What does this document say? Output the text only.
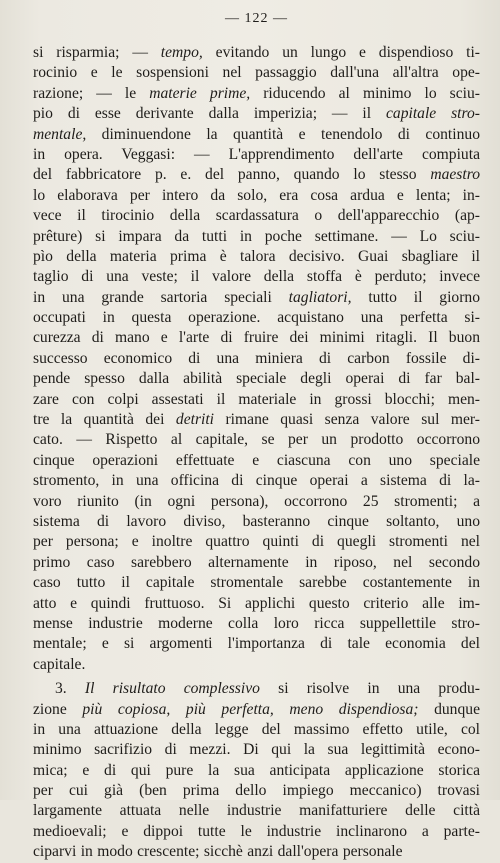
— 122 —
si risparmia; — tempo, evitando un lungo e dispendioso ti-
rocinio e le sospensioni nel passaggio dall'una all'altra ope-
razione; — le materie prime, riducendo al minimo lo sciu-
pio di esse derivante dalla imperizia; — il capitale stro-
mentale, diminuendone la quantità e tenendolo di continuo
in opera. Veggasi: — L'apprendimento dell'arte compiuta
del fabbricatore p. e. del panno, quando lo stesso maestro
lo elaborava per intero da solo, era cosa ardua e lenta; in-
vece il tirocinio della scardassatura o dell'apparecchio (ap-
prêture) si impara da tutti in poche settimane. — Lo sciu-
pìo della materia prima è talora decisivo. Guai sbagliare il
taglio di una veste; il valore della stoffa è perduto; invece
in una grande sartoria speciali tagliatori, tutto il giorno
occupati in questa operazione. acquistano una perfetta si-
curezza di mano e l'arte di fruire dei minimi ritagli. Il buon
successo economico di una miniera di carbon fossile di-
pende spesso dalla abilità speciale degli operai di far bal-
zare con colpi assestati il materiale in grossi blocchi; men-
tre la quantità dei detriti rimane quasi senza valore sul mer-
cato. — Rispetto al capitale, se per un prodotto occorrono
cinque operazioni effettuate e ciascuna con uno speciale
stromento, in una officina di cinque operai a sistema di la-
voro riunito (in ogni persona), occorrono 25 stromenti; a
sistema di lavoro diviso, basteranno cinque soltanto, uno
per persona; e inoltre quattro quinti di quegli stromenti nel
primo caso sarebbero alternamente in riposo, nel secondo
caso tutto il capitale stromentale sarebbe costantemente in
atto e quindi fruttuoso. Si applichi questo criterio alle im-
mense industrie moderne colla loro ricca suppellettile stro-
mentale; e si argomenti l'importanza di tale economia del
capitale.
3. Il risultato complessivo si risolve in una produ-
zione più copiosa, più perfetta, meno dispendiosa; dunque
in una attuazione della legge del massimo effetto utile, col
minimo sacrifizio di mezzi. Di qui la sua legittimità econo-
mica; e di qui pure la sua anticipata applicazione storica
per cui già (ben prima dello impiego meccanico) trovasi
largamente attuata nelle industrie manifatturiere delle città
medioevali; e dippoi tutte le industrie inclinarono a parte-
ciparvi in modo crescente; sicchè anzi dall'opera personale
